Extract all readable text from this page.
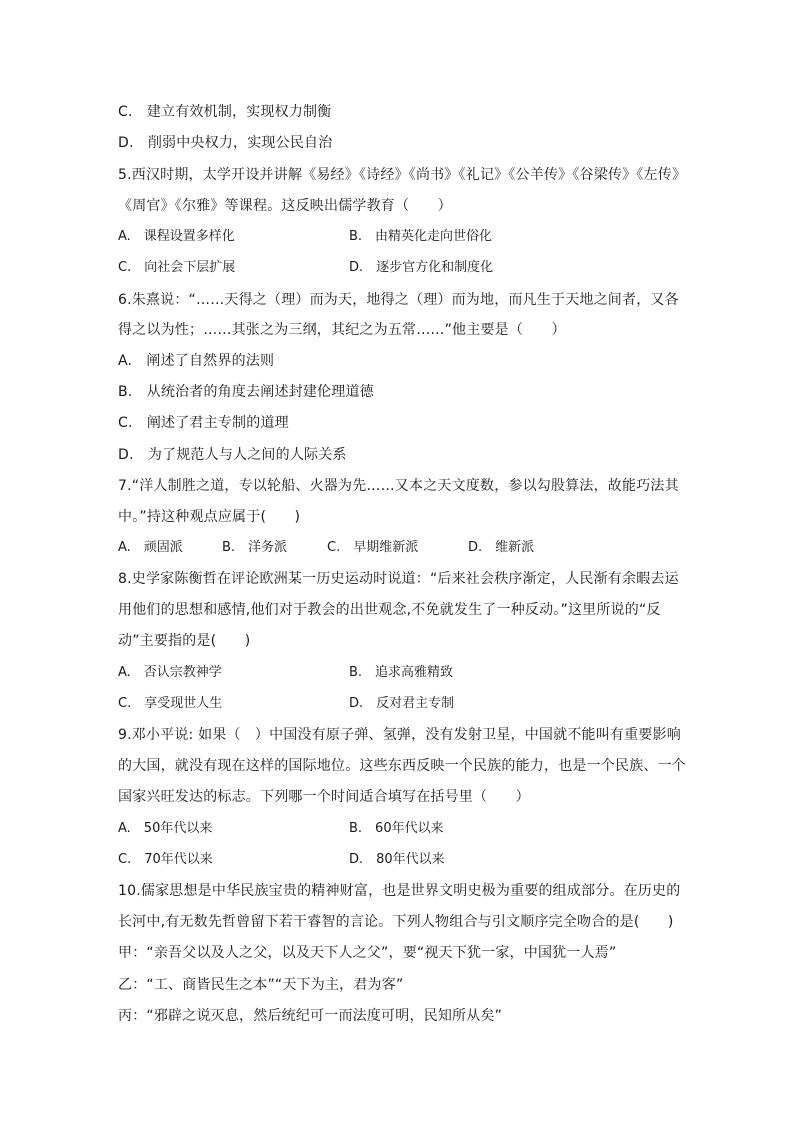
C.　建立有效机制，实现权力制衡
D.　削弱中央权力，实现公民自治
5.西汉时期，太学开设并讲解《易经》《诗经》《尚书》《礼记》《公羊传》《谷梁传》《左传》
《周官》《尔雅》等课程。这反映出儒学教育（　　）
A.　课程设置多样化	B.　由精英化走向世俗化
C.　向社会下层扩展	D.　逐步官方化和制度化
6.朱熹说：“……天得之（理）而为天，地得之（理）而为地，而凡生于天地之间者，又各
得之以为性；……其张之为三纲，其纪之为五常……”他主要是（　　）
A.　阐述了自然界的法则
B.　从统治者的角度去阐述封建伦理道德
C.　阐述了君主专制的道理
D.　为了规范人与人之间的人际关系
7.“洋人制胜之道，专以轮船、火器为先……又本之天文度数，参以勾股算法，故能巧法其
中。”持这种观点应属于(　　)
A.　顽固派	B.　洋务派	C.　早期维新派	D.　维新派
8.史学家陈衡哲在评论欧洲某一历史运动时说道：“后来社会秩序渐定，人民渐有余暇去运
用他们的思想和感情,他们对于教会的出世观念,不免就发生了一种反动。”这里所说的“反
动”主要指的是(　　)
A.　否认宗教神学	B.　追求高雅精致
C.　享受现世人生	D.　反对君主专制
9.邓小平说: 如果（　）中国没有原子弹、氢弹，没有发射卫星，中国就不能叫有重要影响
的大国，就没有现在这样的国际地位。这些东西反映一个民族的能力，也是一个民族、一个
国家兴旺发达的标志。下列哪一个时间适合填写在括号里（　　）
A.　50年代以来	B.　60年代以来
C.　70年代以来	D.　80年代以来
10.儒家思想是中华民族宝贵的精神财富，也是世界文明史极为重要的组成部分。在历史的
长河中,有无数先哲曾留下若干睿智的言论。下列人物组合与引文顺序完全吻合的是(　　)
甲：“亲吾父以及人之父，以及天下人之父”，要“视天下犹一家，中国犹一人焉”
乙：“工、商皆民生之本”“天下为主，君为客”
丙：“邪辟之说灭息，然后统纪可一而法度可明，民知所从矣”
